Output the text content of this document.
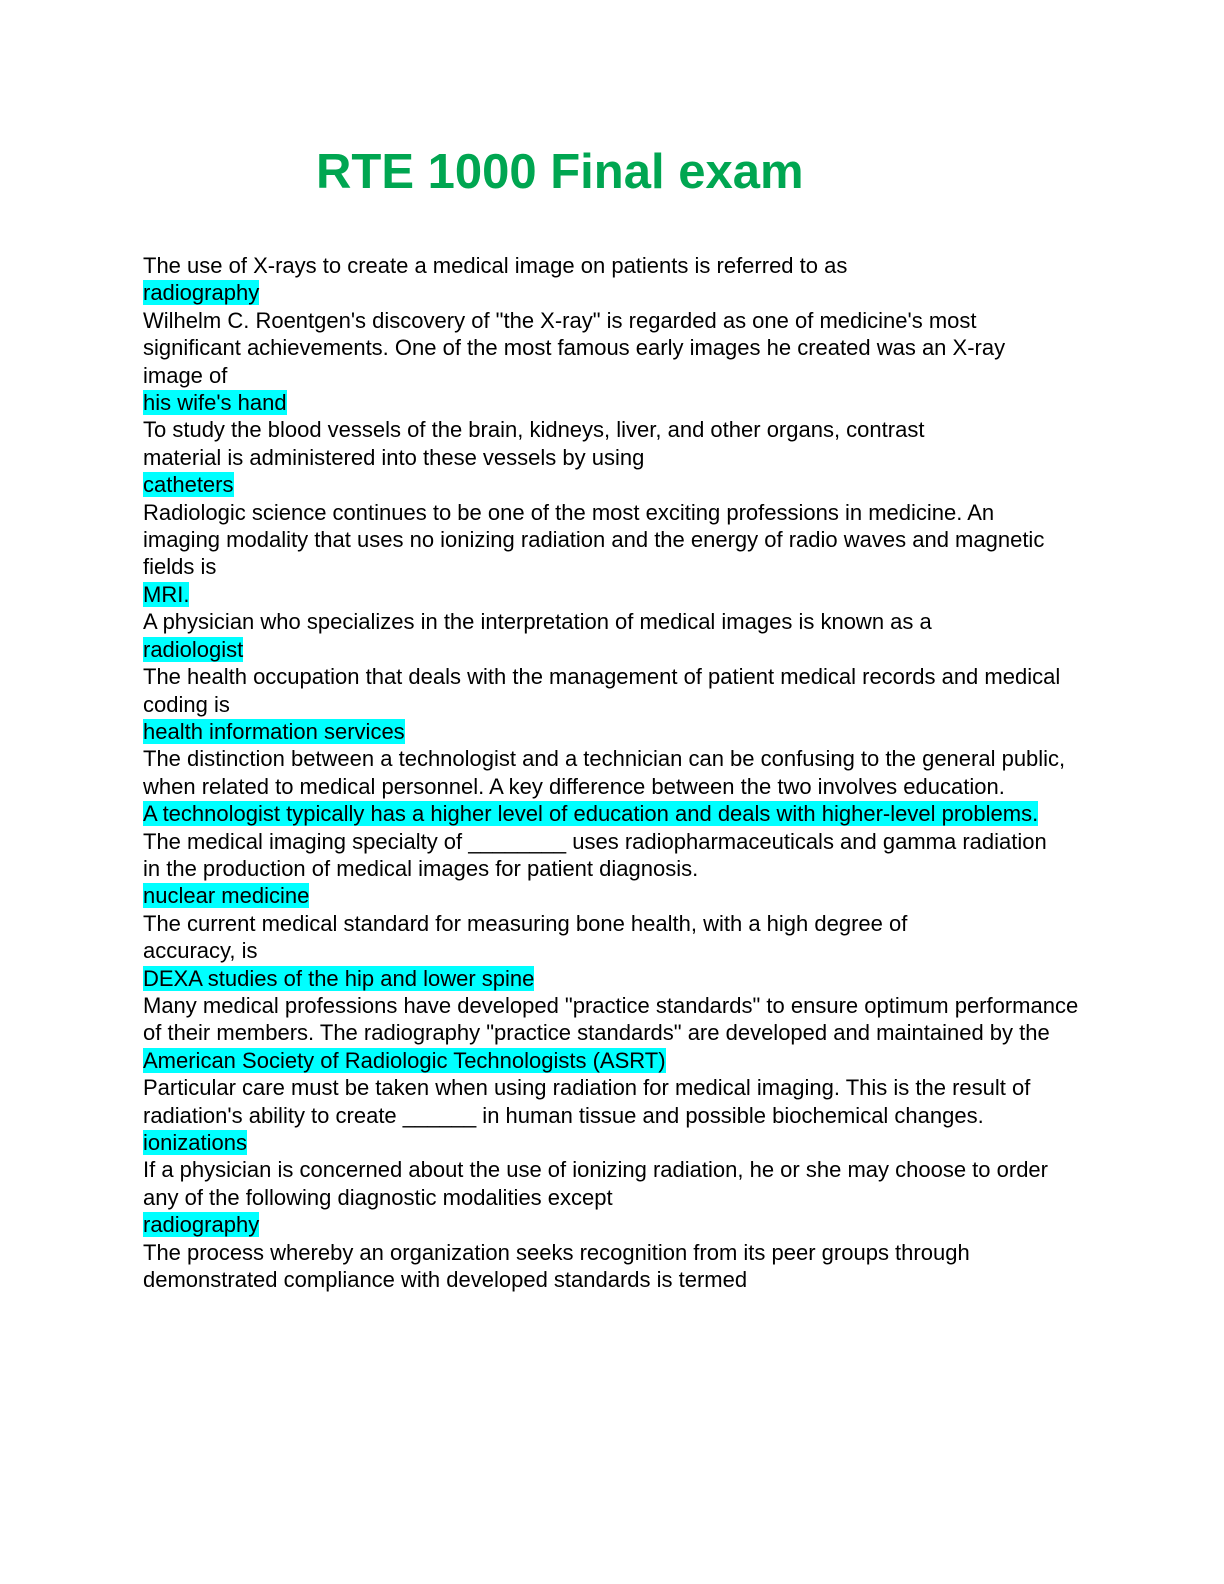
RTE 1000 Final exam
The use of X-rays to create a medical image on patients is referred to as
radiography
Wilhelm C. Roentgen's discovery of "the X-ray" is regarded as one of medicine's most significant achievements. One of the most famous early images he created was an X-ray image of
his wife's hand
To study the blood vessels of the brain, kidneys, liver, and other organs, contrast material is administered into these vessels by using
catheters
Radiologic science continues to be one of the most exciting professions in medicine. An imaging modality that uses no ionizing radiation and the energy of radio waves and magnetic fields is
MRI.
A physician who specializes in the interpretation of medical images is known as a
radiologist
The health occupation that deals with the management of patient medical records and medical coding is
health information services
The distinction between a technologist and a technician can be confusing to the general public, when related to medical personnel. A key difference between the two involves education.
A technologist typically has a higher level of education and deals with higher-level problems.
The medical imaging specialty of ________ uses radiopharmaceuticals and gamma radiation in the production of medical images for patient diagnosis.
nuclear medicine
The current medical standard for measuring bone health, with a high degree of accuracy, is
DEXA studies of the hip and lower spine
Many medical professions have developed "practice standards" to ensure optimum performance of their members. The radiography "practice standards" are developed and maintained by the
American Society of Radiologic Technologists (ASRT)
Particular care must be taken when using radiation for medical imaging. This is the result of radiation's ability to create ______ in human tissue and possible biochemical changes.
ionizations
If a physician is concerned about the use of ionizing radiation, he or she may choose to order any of the following diagnostic modalities except
radiography
The process whereby an organization seeks recognition from its peer groups through demonstrated compliance with developed standards is termed
